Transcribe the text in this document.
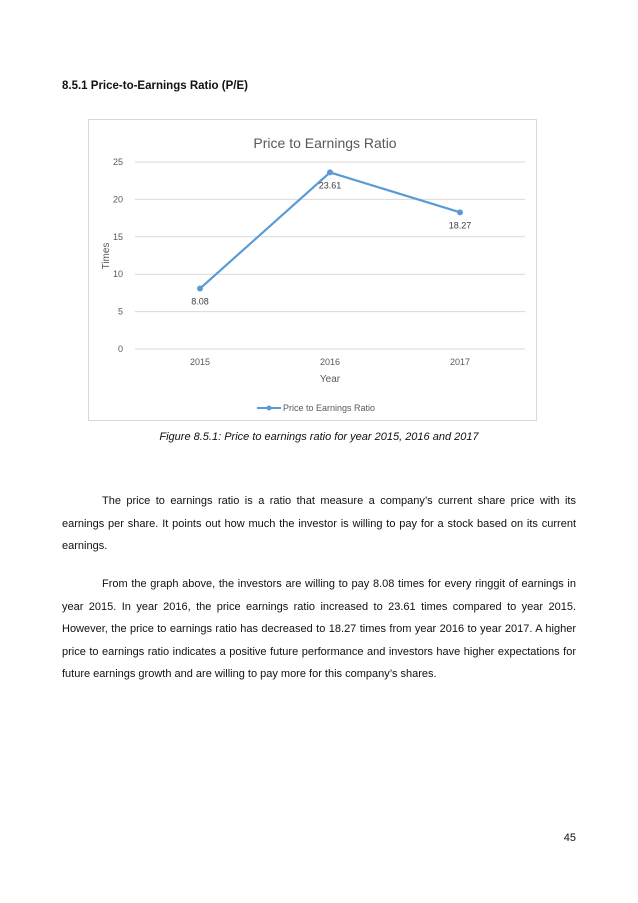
8.5.1 Price-to-Earnings Ratio (P/E)
Price to Earnings Ratio
0
5
10
15
20
25
2015	2016	2017
8.08
23.61
18.27
Times
Year
Price to Earnings Ratio
Figure 8.5.1: Price to earnings ratio for year 2015, 2016 and 2017

The price to earnings ratio is a ratio that measure a company’s current share price with its earnings per share. It points out how much the investor is willing to pay for a stock based on its current earnings.

From the graph above, the investors are willing to pay 8.08 times for every ringgit of earnings in year 2015. In year 2016, the price earnings ratio increased to 23.61 times compared to year 2015. However, the price to earnings ratio has decreased to 18.27 times from year 2016 to year 2017. A higher price to earnings ratio indicates a positive future performance and investors have higher expectations for future earnings growth and are willing to pay more for this company’s shares.

45
